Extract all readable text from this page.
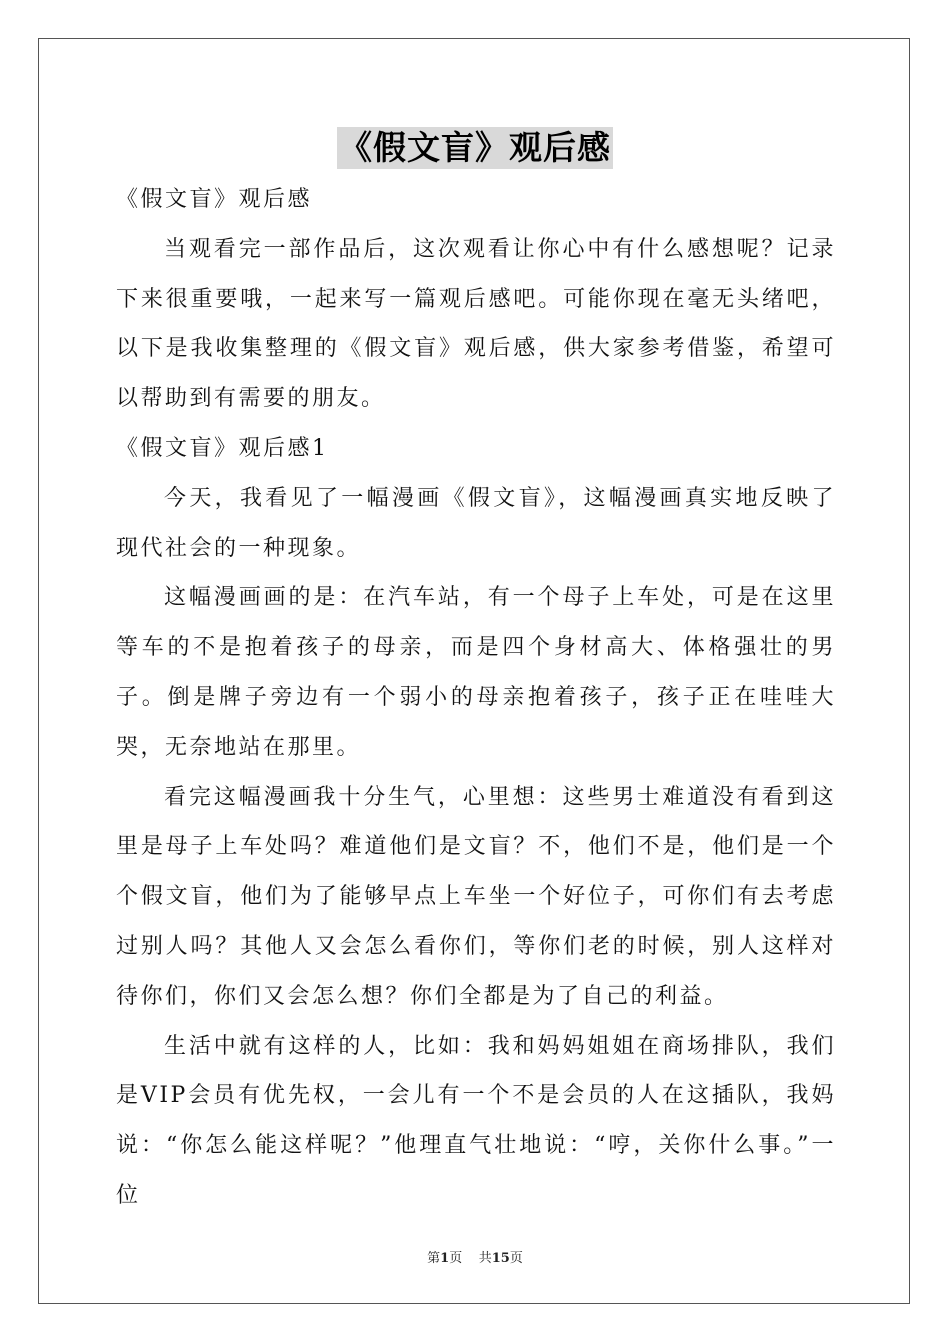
《假文盲》观后感

《假文盲》观后感

当观看完一部作品后，这次观看让你心中有什么感想呢？记录下来很重要哦，一起来写一篇观后感吧。可能你现在毫无头绪吧，以下是我收集整理的《假文盲》观后感，供大家参考借鉴，希望可以帮助到有需要的朋友。

《假文盲》观后感1

今天，我看见了一幅漫画《假文盲》，这幅漫画真实地反映了现代社会的一种现象。

这幅漫画画的是：在汽车站，有一个母子上车处，可是在这里等车的不是抱着孩子的母亲，而是四个身材高大、体格强壮的男子。倒是牌子旁边有一个弱小的母亲抱着孩子，孩子正在哇哇大哭，无奈地站在那里。

看完这幅漫画我十分生气，心里想：这些男士难道没有看到这里是母子上车处吗？难道他们是文盲？不，他们不是，他们是一个个假文盲，他们为了能够早点上车坐一个好位子，可你们有去考虑过别人吗？其他人又会怎么看你们，等你们老的时候，别人这样对待你们，你们又会怎么想？你们全都是为了自己的利益。

生活中就有这样的人，比如：我和妈妈姐姐在商场排队，我们是VIP会员有优先权，一会儿有一个不是会员的人在这插队，我妈说：“你怎么能这样呢？”他理直气壮地说：“哼，关你什么事。”一位

第1页 共15页
